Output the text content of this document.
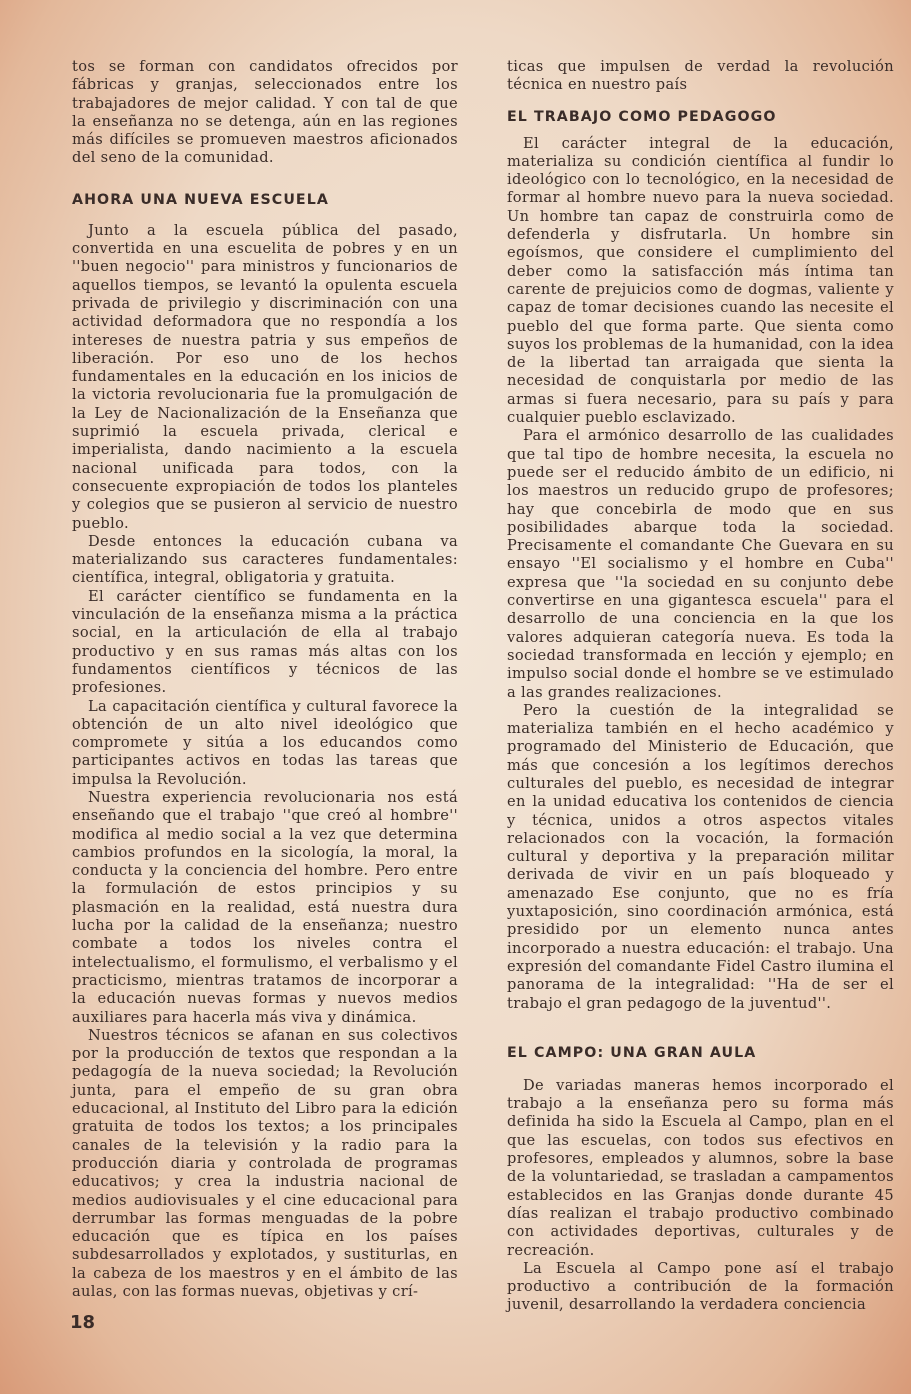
tos se forman con candidatos ofrecidos por fábricas y granjas, seleccionados entre los trabajadores de mejor calidad. Y con tal de que la enseñanza no se detenga, aún en las regiones más difíciles se promueven maestros aficionados del seno de la comunidad.

AHORA UNA NUEVA ESCUELA

Junto a la escuela pública del pasado, convertida en una escuelita de pobres y en un ''buen negocio'' para ministros y funcionarios de aquellos tiempos, se levantó la opulenta escuela privada de privilegio y discriminación con una actividad deformadora que no respondía a los intereses de nuestra patria y sus empeños de liberación. Por eso uno de los hechos fundamentales en la educación en los inicios de la victoria revolucionaria fue la promulgación de la Ley de Nacionalización de la Enseñanza que suprimió la escuela privada, clerical e imperialista, dando nacimiento a la escuela nacional unificada para todos, con la consecuente expropiación de todos los planteles y colegios que se pusieron al servicio de nuestro pueblo.

Desde entonces la educación cubana va materializando sus caracteres fundamentales: científica, integral, obligatoria y gratuita.

El carácter científico se fundamenta en la vinculación de la enseñanza misma a la práctica social, en la articulación de ella al trabajo productivo y en sus ramas más altas con los fundamentos científicos y técnicos de las profesiones.

La capacitación científica y cultural favorece la obtención de un alto nivel ideológico que compromete y sitúa a los educandos como participantes activos en todas las tareas que impulsa la Revolución.

Nuestra experiencia revolucionaria nos está enseñando que el trabajo ''que creó al hombre'' modifica al medio social a la vez que determina cambios profundos en la sicología, la moral, la conducta y la conciencia del hombre. Pero entre la formulación de estos principios y su plasmación en la realidad, está nuestra dura lucha por la calidad de la enseñanza; nuestro combate a todos los niveles contra el intelectualismo, el formulismo, el verbalismo y el practicismo, mientras tratamos de incorporar a la educación nuevas formas y nuevos medios auxiliares para hacerla más viva y dinámica.

Nuestros técnicos se afanan en sus colectivos por la producción de textos que respondan a la pedagogía de la nueva sociedad; la Revolución junta, para el empeño de su gran obra educacional, al Instituto del Libro para la edición gratuita de todos los textos; a los principales canales de la televisión y la radio para la producción diaria y controlada de programas educativos; y crea la industria nacional de medios audiovisuales y el cine educacional para derrumbar las formas menguadas de la pobre educación que es típica en los países subdesarrollados y explotados, y sustiturlas, en la cabeza de los maestros y en el ámbito de las aulas, con las formas nuevas, objetivas y crí-

ticas que impulsen de verdad la revolución técnica en nuestro país

EL TRABAJO COMO PEDAGOGO

El carácter integral de la educación, materializa su condición científica al fundir lo ideológico con lo tecnológico, en la necesidad de formar al hombre nuevo para la nueva sociedad. Un hombre tan capaz de construirla como de defenderla y disfrutarla. Un hombre sin egoísmos, que considere el cumplimiento del deber como la satisfacción más íntima tan carente de prejuicios como de dogmas, valiente y capaz de tomar decisiones cuando las necesite el pueblo del que forma parte. Que sienta como suyos los problemas de la humanidad, con la idea de la libertad tan arraigada que sienta la necesidad de conquistarla por medio de las armas si fuera necesario, para su país y para cualquier pueblo esclavizado.

Para el armónico desarrollo de las cualidades que tal tipo de hombre necesita, la escuela no puede ser el reducido ámbito de un edificio, ni los maestros un reducido grupo de profesores; hay que concebirla de modo que en sus posibilidades abarque toda la sociedad. Precisamente el comandante Che Guevara en su ensayo ''El socialismo y el hombre en Cuba'' expresa que ''la sociedad en su conjunto debe convertirse en una gigantesca escuela'' para el desarrollo de una conciencia en la que los valores adquieran categoría nueva. Es toda la sociedad transformada en lección y ejemplo; en impulso social donde el hombre se ve estimulado a las grandes realizaciones.

Pero la cuestión de la integralidad se materializa también en el hecho académico y programado del Ministerio de Educación, que más que concesión a los legítimos derechos culturales del pueblo, es necesidad de integrar en la unidad educativa los contenidos de ciencia y técnica, unidos a otros aspectos vitales relacionados con la vocación, la formación cultural y deportiva y la preparación militar derivada de vivir en un país bloqueado y amenazado Ese conjunto, que no es fría yuxtaposición, sino coordinación armónica, está presidido por un elemento nunca antes incorporado a nuestra educación: el trabajo. Una expresión del comandante Fidel Castro ilumina el panorama de la integralidad: ''Ha de ser el trabajo el gran pedagogo de la juventud''.

EL CAMPO: UNA GRAN AULA

De variadas maneras hemos incorporado el trabajo a la enseñanza pero su forma más definida ha sido la Escuela al Campo, plan en el que las escuelas, con todos sus efectivos en profesores, empleados y alumnos, sobre la base de la voluntariedad, se trasladan a campamentos establecidos en las Granjas donde durante 45 días realizan el trabajo productivo combinado con actividades deportivas, culturales y de recreación.

La Escuela al Campo pone así el trabajo productivo a contribución de la formación juvenil, desarrollando la verdadera conciencia

18
